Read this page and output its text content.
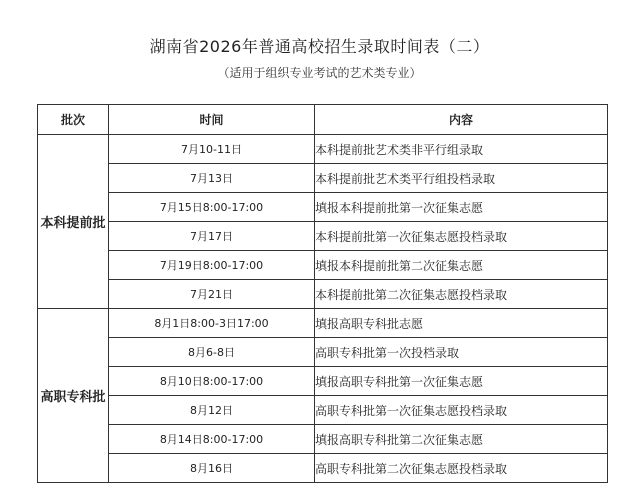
湖南省2026年普通高校招生录取时间表（二）
（适用于组织专业考试的艺术类专业）
批次	时间	内容
本科提前批	7月10-11日	本科提前批艺术类非平行组录取
	7月13日	本科提前批艺术类平行组投档录取
	7月15日8:00-17:00	填报本科提前批第一次征集志愿
	7月17日	本科提前批第一次征集志愿投档录取
	7月19日8:00-17:00	填报本科提前批第二次征集志愿
	7月21日	本科提前批第二次征集志愿投档录取
高职专科批	8月1日8:00-3日17:00	填报高职专科批志愿
	8月6-8日	高职专科批第一次投档录取
	8月10日8:00-17:00	填报高职专科批第一次征集志愿
	8月12日	高职专科批第一次征集志愿投档录取
	8月14日8:00-17:00	填报高职专科批第二次征集志愿
	8月16日	高职专科批第二次征集志愿投档录取
